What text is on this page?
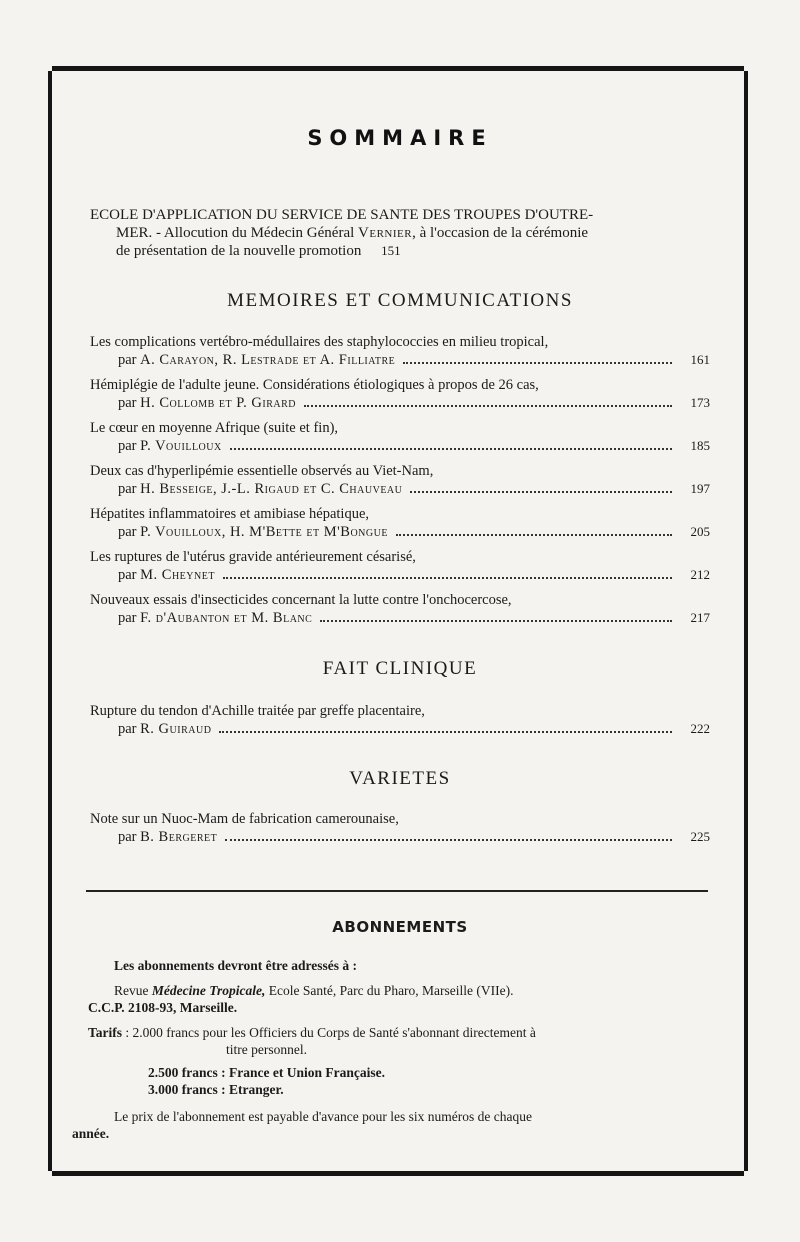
SOMMAIRE
ECOLE D'APPLICATION DU SERVICE DE SANTE DES TROUPES D'OUTRE-
MER. - Allocution du Médecin Général Vernier, à l'occasion de la cérémonie
de présentation de la nouvelle promotion 151
MEMOIRES ET COMMUNICATIONS
Les complications vertébro-médullaires des staphylococcies en milieu tropical,
par A. Carayon, R. Lestrade et A. Filliatre	161
Hémiplégie de l'adulte jeune. Considérations étiologiques à propos de 26 cas,
par H. Collomb et P. Girard	173
Le cœur en moyenne Afrique (suite et fin),
par P. Vouilloux	185
Deux cas d'hyperlipémie essentielle observés au Viet-Nam,
par H. Besseige, J.-L. Rigaud et C. Chauveau	197
Hépatites inflammatoires et amibiase hépatique,
par P. Vouilloux, H. M'Bette et M'Bongue	205
Les ruptures de l'utérus gravide antérieurement césarisé,
par M. Cheynet	212
Nouveaux essais d'insecticides concernant la lutte contre l'onchocercose,
par F. d'Aubanton et M. Blanc	217
FAIT CLINIQUE
Rupture du tendon d'Achille traitée par greffe placentaire,
par R. Guiraud	222
VARIETES
Note sur un Nuoc-Mam de fabrication camerounaise,
par B. Bergeret	225
ABONNEMENTS

Les abonnements devront être adressés à :

Revue Médecine Tropicale, Ecole Santé, Parc du Pharo, Marseille (VIIe).

C.C.P. 2108-93, Marseille.

Tarifs : 2.000 francs pour les Officiers du Corps de Santé s'abonnant directement à

titre personnel.

2.500 francs : France et Union Française.

3.000 francs : Etranger.

Le prix de l'abonnement est payable d'avance pour les six numéros de chaque

année.
